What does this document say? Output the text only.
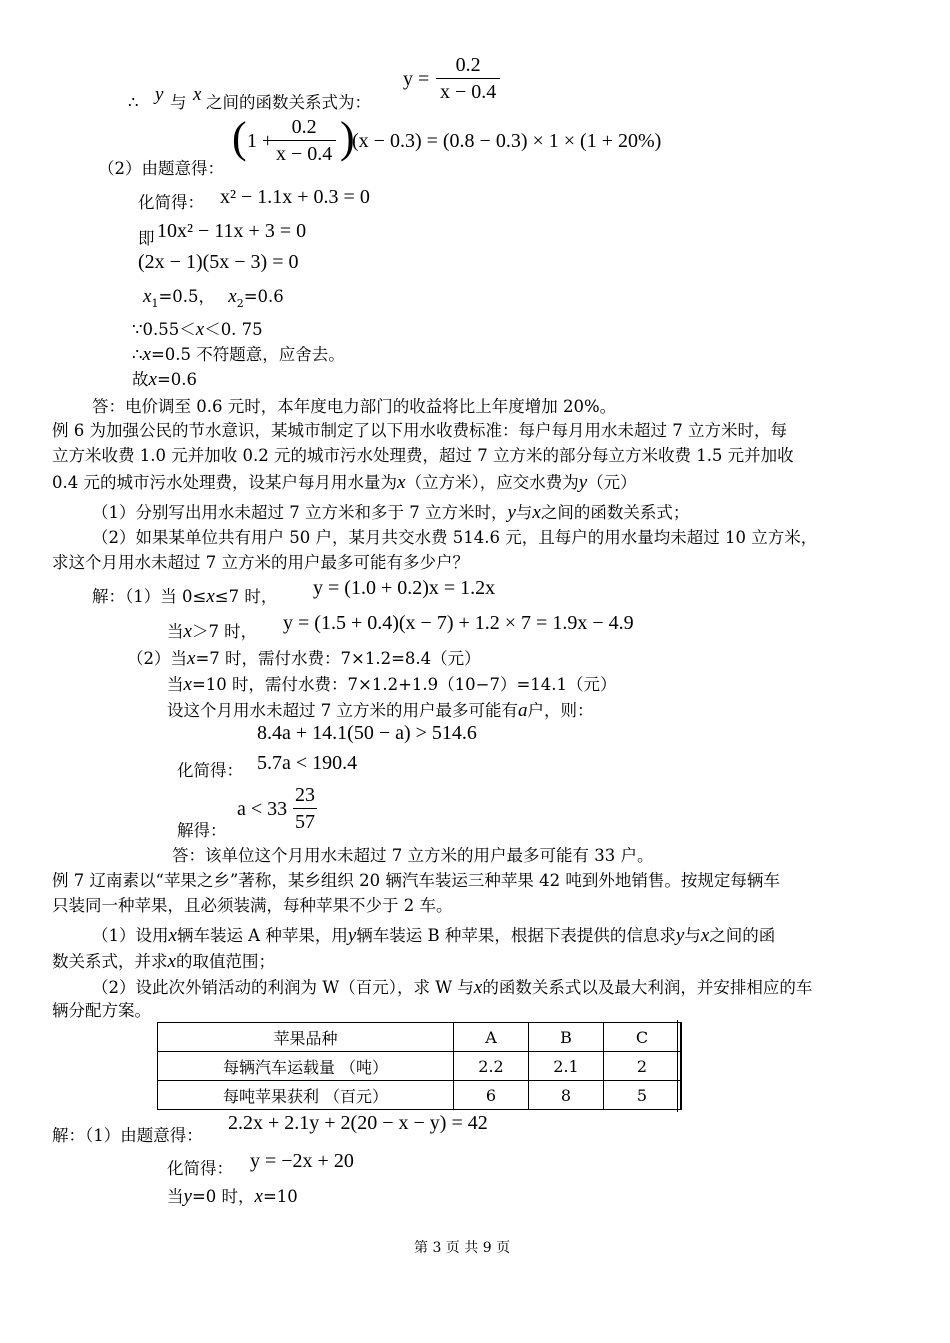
∴ y 与 x 之间的函数关系式为：
$y = \frac{0.2}{x - 0.4}$
（2）由题意得：
( 1 +
$\frac{0.2}{x - 0.4}$ )
(x − 0.3) = (0.8 − 0.3) × 1 × (1 + 20%)
化简得： x² − 1.1x + 0.3 = 0
即 10x² − 11x + 3 = 0
(2x − 1)(5x − 3) = 0
$x_1=0.5$， $x_2=0.6$
∵0.55＜x＜0. 75
∴x=0.5 不符题意，应舍去。
故x=0.6
答：电价调至 0.6 元时，本年度电力部门的收益将比上年度增加 20%。
例 6 为加强公民的节水意识，某城市制定了以下用水收费标准：每户每月用水未超过 7 立方米时，每
立方米收费 1.0 元并加收 0.2 元的城市污水处理费，超过 7 立方米的部分每立方米收费 1.5 元并加收
0.4 元的城市污水处理费，设某户每月用水量为x（立方米），应交水费为y（元）
（1）分别写出用水未超过 7 立方米和多于 7 立方米时，y与x之间的函数关系式；
（2）如果某单位共有用户 50 户，某月共交水费 514.6 元，且每户的用水量均未超过 10 立方米，
求这个月用水未超过 7 立方米的用户最多可能有多少户？
解：（1）当 0≤x≤7 时， y = (1.0 + 0.2)x = 1.2x
当x＞7 时， y = (1.5 + 0.4)(x − 7) + 1.2 × 7 = 1.9x − 4.9
（2）当x=7 时，需付水费：7×1.2=8.4（元）
当x=10 时，需付水费：7×1.2+1.9（10−7）=14.1（元）
设这个月用水未超过 7 立方米的用户最多可能有a户，则：
8.4a + 14.1(50 − a) > 514.6
化简得： 5.7a < 190.4
$a < 33 \frac{23}{57}$
解得：
答：该单位这个月用水未超过 7 立方米的用户最多可能有 33 户。
例 7 辽南素以“苹果之乡”著称，某乡组织 20 辆汽车装运三种苹果 42 吨到外地销售。按规定每辆车
只装同一种苹果，且必须装满，每种苹果不少于 2 车。
（1）设用x辆车装运 A 种苹果，用y辆车装运 B 种苹果，根据下表提供的信息求y与x之间的函
数关系式，并求x的取值范围；
（2）设此次外销活动的利润为 W（百元），求 W 与x的函数关系式以及最大利润，并安排相应的车
辆分配方案。
苹果品种	A	B	C
每辆汽车运载量 （吨）	2.2	2.1	2
每吨苹果获利 （百元）	6	8	5
解：（1）由题意得：
2.2x + 2.1y + 2(20 − x − y) = 42
化简得： y = −2x + 20
当y=0 时，x=10
第 3 页 共 9 页
